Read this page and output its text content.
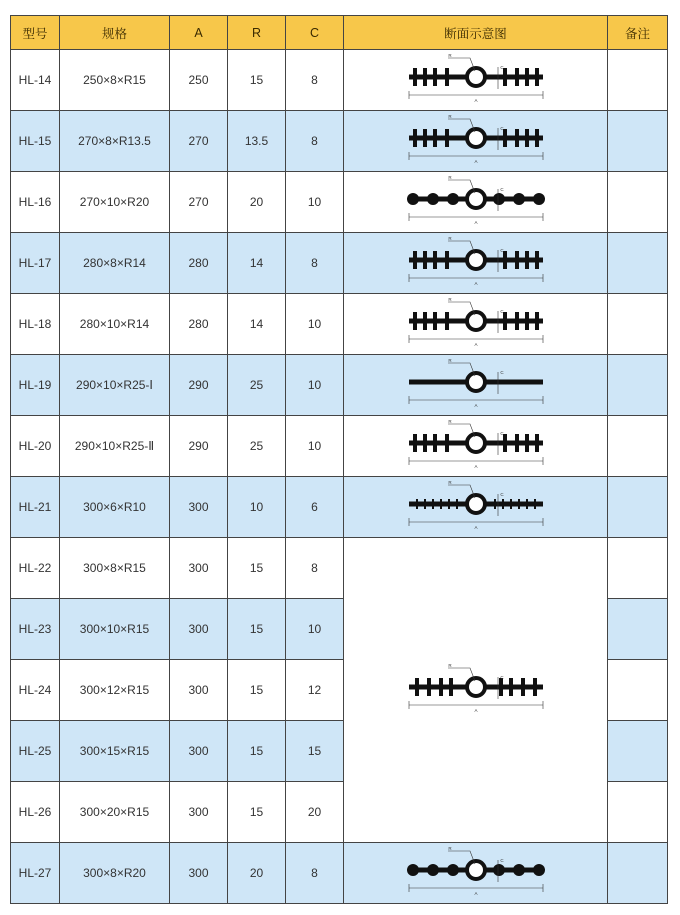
型号	规格	A	R	C	断面示意图	备注
HL-14	250×8×R15	250	15	8	R
C
A	

HL-15	270×8×R13.5	270	13.5	8	R
C
A	

HL-16	270×10×R20	270	20	10	R
C
A	

HL-17	280×8×R14	280	14	8	R
C
A	

HL-18	280×10×R14	280	14	10	R
C
A	

HL-19	290×10×R25-Ⅰ	290	25	10	R
C
A	

HL-20	290×10×R25-Ⅱ	290	25	10	R
C
A	

HL-21	300×6×R10	300	10	6	R
C
A	

HL-22	300×8×R15	300	15	8	R
C
A	

HL-23	300×10×R15	300	15	10		
HL-24	300×12×R15	300	15	12		
HL-25	300×15×R15	300	15	15		
HL-26	300×20×R15	300	15	20		
HL-27	300×8×R20	300	20	8	R
C
A	
